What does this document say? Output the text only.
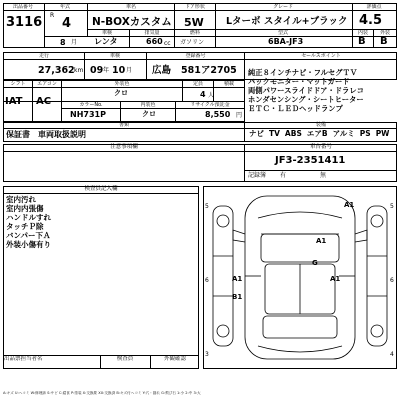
出品番号	年式	車名	ドア形状	グレード	評価点
3116 R
4 N-BOXカスタム 5W Lターボ スタイル+ブラック 4.5
車検	排気量	燃料	型式	内装	外装
8 月 レンタ	660 cc ガソリン	6BA-JF3	B B
走行	車検	登録番号	セールスポイント
27,362 km 09 年 10 月 広島 581ア2705 純正８インチナビ・フルセグＴＶ
バックモニター・マットガード
両側パワースライドドア・ドラレコ
ホンダセンシング・シートヒーター
ＥＴＣ・ＬＥＤヘッドランプ
シフト	エアコン	外装色	定員	積載
IAT AC
クロ	4 人
カラーNo.	内装色	リサイクル預託金
NH731P	クロ	8,550 円
書類	装備
保証書 車両取扱説明	ナビ TV ABS エアB アルミ PS PW
注意事項欄	車台番号
JF3-2351411
記録簿 有	無
検査員記入欄
室内汚れ
室内内張傷
ハンドルすれ
タッチＰ除
バンパー下Ａ
外装小傷有り
出品票担当者名	検査員	外観確認
5
6
3
5
6
4
A1
A1
G
A1
B1
A1
A:キズ U:ヘコミ W:修理跡 S:サビ C:腐食 P:塗装 X:交換要 XX:交換済 B:キズ付ヘコミ Y:穴・割れ G:飛び石 1:小 2:中 3:大
